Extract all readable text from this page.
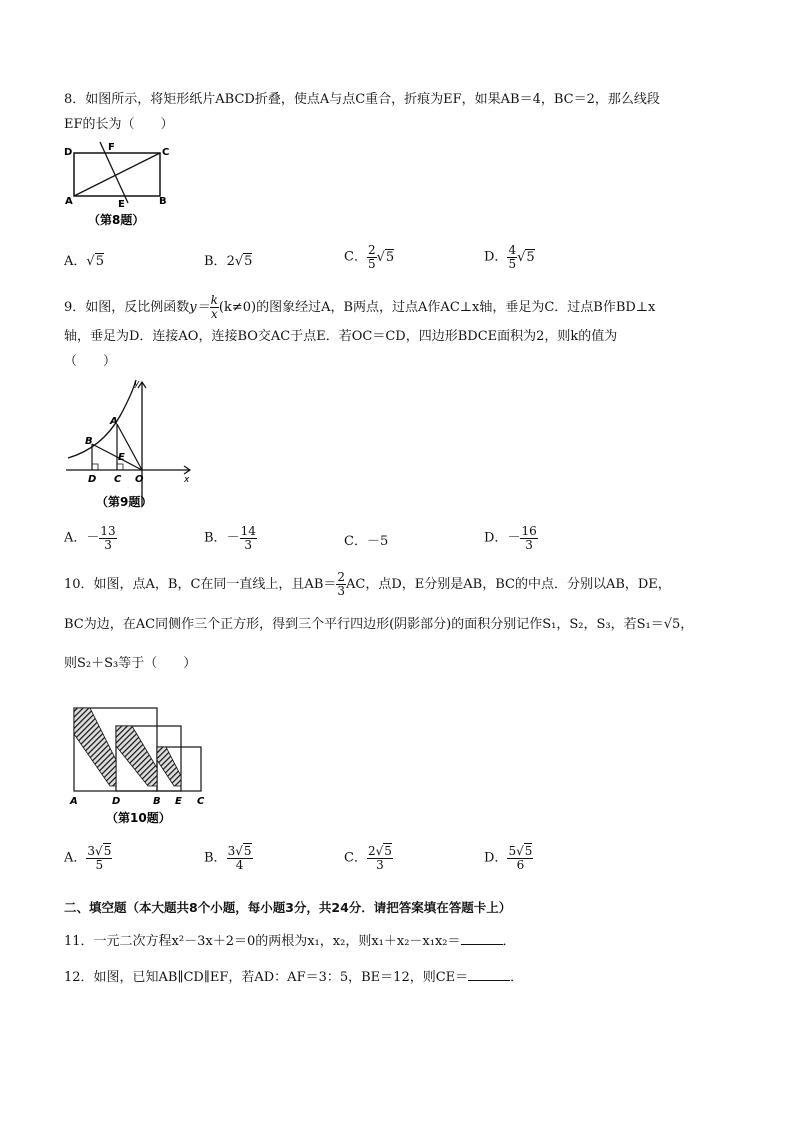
8．如图所示，将矩形纸片ABCD折叠，使点A与点C重合，折痕为EF，如果AB＝4，BC＝2，那么线段
EF的长为（　　）
D	F	C
A	E	B
（第8题）
A．√5	B．2√5	C． $\frac{2}{5} √5$	D． $\frac{4}{5} √5$
9．如图，反比例函数$y= \frac{k}{x} (k\ne 0)$的图象经过A，B两点，过点A作AC⊥x轴，垂足为C．过点B作BD⊥x
轴，垂足为D．连接AO，连接BO交AC于点E．若OC＝CD，四边形BDCE面积为2，则k的值为
（　　）
y
A
B
E
D C O	x
（第9题）
A．－ $\frac{13}{3}$	B．－ $\frac{14}{3}$	C．－5	D．－ $\frac{16}{3}$
10．如图，点A，B，C在同一直线上，且$AB= \frac{2}{3}$ AC，点D，E分别是AB，BC的中点．分别以AB，DE，
BC为边，在AC同侧作三个正方形，得到三个平行四边形(阴影部分)的面积分别记作S₁，S₂，S₃，若S₁＝√5，
则S₂＋S₃等于（　　）
A	D	B E C
（第10题）
A． $\frac{3√5}{5}$	B． $\frac{3√5}{4}$	C． $\frac{2√5}{3}$	D． $\frac{5√5}{6}$
二、填空题（本大题共8个小题，每小题3分，共24分．请把答案填在答题卡上）
11．一元二次方程x²－3x＋2＝0的两根为x₁，x₂，则x₁＋x₂－x₁x₂＝	．
12．如图，已知AB∥CD∥EF，若AD：AF＝3：5，BE＝12，则CE＝	．
